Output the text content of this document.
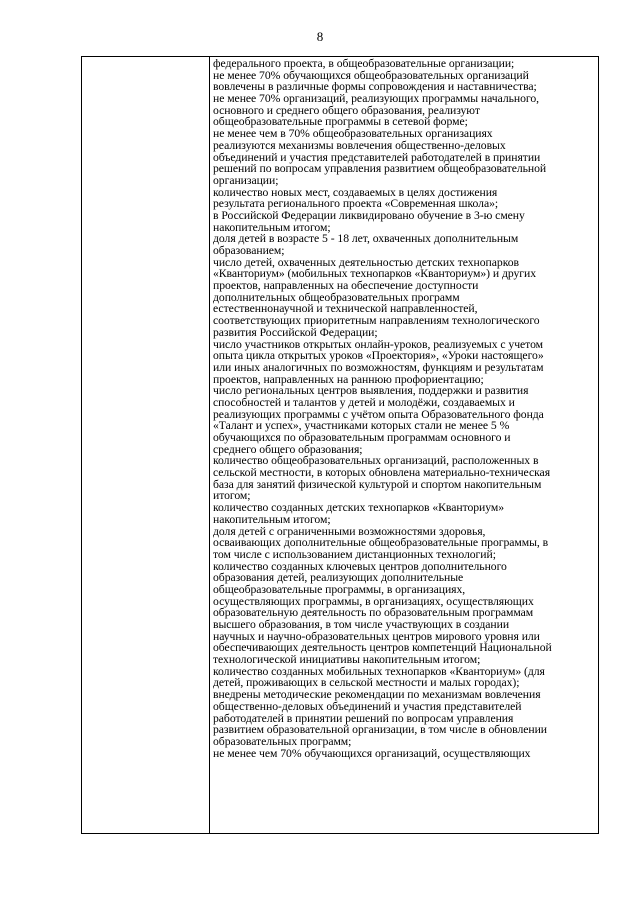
8
федерального проекта, в общеобразовательные организации;
не менее 70% обучающихся общеобразовательных организаций
вовлечены в различные формы сопровождения и наставничества;
не менее 70% организаций, реализующих программы начального,
основного и среднего общего образования, реализуют
общеобразовательные программы в сетевой форме;
не менее чем в 70% общеобразовательных организациях
реализуются механизмы вовлечения общественно-деловых
объединений и участия представителей работодателей в принятии
решений по вопросам управления развитием общеобразовательной
организации;
количество новых мест, создаваемых в целях достижения
результата регионального проекта «Современная школа»;
в Российской Федерации ликвидировано обучение в 3-ю смену
накопительным итогом;
доля детей в возрасте 5 - 18 лет, охваченных дополнительным
образованием;
число детей, охваченных деятельностью детских технопарков
«Кванториум» (мобильных технопарков «Кванториум») и других
проектов, направленных на обеспечение доступности
дополнительных общеобразовательных программ
естественнонаучной и технической направленностей,
соответствующих приоритетным направлениям технологического
развития Российской Федерации;
число участников открытых онлайн-уроков, реализуемых с учетом
опыта цикла открытых уроков «Проектория», «Уроки настоящего»
или иных аналогичных по возможностям, функциям и результатам
проектов, направленных на раннюю профориентацию;
число региональных центров выявления, поддержки и развития
способностей и талантов у детей и молодёжи, создаваемых и
реализующих программы с учётом опыта Образовательного фонда
«Талант и успех», участниками которых стали не менее 5 %
обучающихся по образовательным программам основного и
среднего общего образования;
количество общеобразовательных организаций, расположенных в
сельской местности, в которых обновлена материально-техническая
база для занятий физической культурой и спортом накопительным
итогом;
количество созданных детских технопарков «Кванториум»
накопительным итогом;
доля детей с ограниченными возможностями здоровья,
осваивающих дополнительные общеобразовательные программы, в
том числе с использованием дистанционных технологий;
количество созданных ключевых центров дополнительного
образования детей, реализующих дополнительные
общеобразовательные программы, в организациях,
осуществляющих программы, в организациях, осуществляющих
образовательную деятельность по образовательным программам
высшего образования, в том числе участвующих в создании
научных и научно-образовательных центров мирового уровня или
обеспечивающих деятельность центров компетенций Национальной
технологической инициативы накопительным итогом;
количество созданных мобильных технопарков «Кванториум» (для
детей, проживающих в сельской местности и малых городах);
внедрены методические рекомендации по механизмам вовлечения
общественно-деловых объединений и участия представителей
работодателей в принятии решений по вопросам управления
развитием образовательной организации, в том числе в обновлении
образовательных программ;
не менее чем 70% обучающихся организаций, осуществляющих
